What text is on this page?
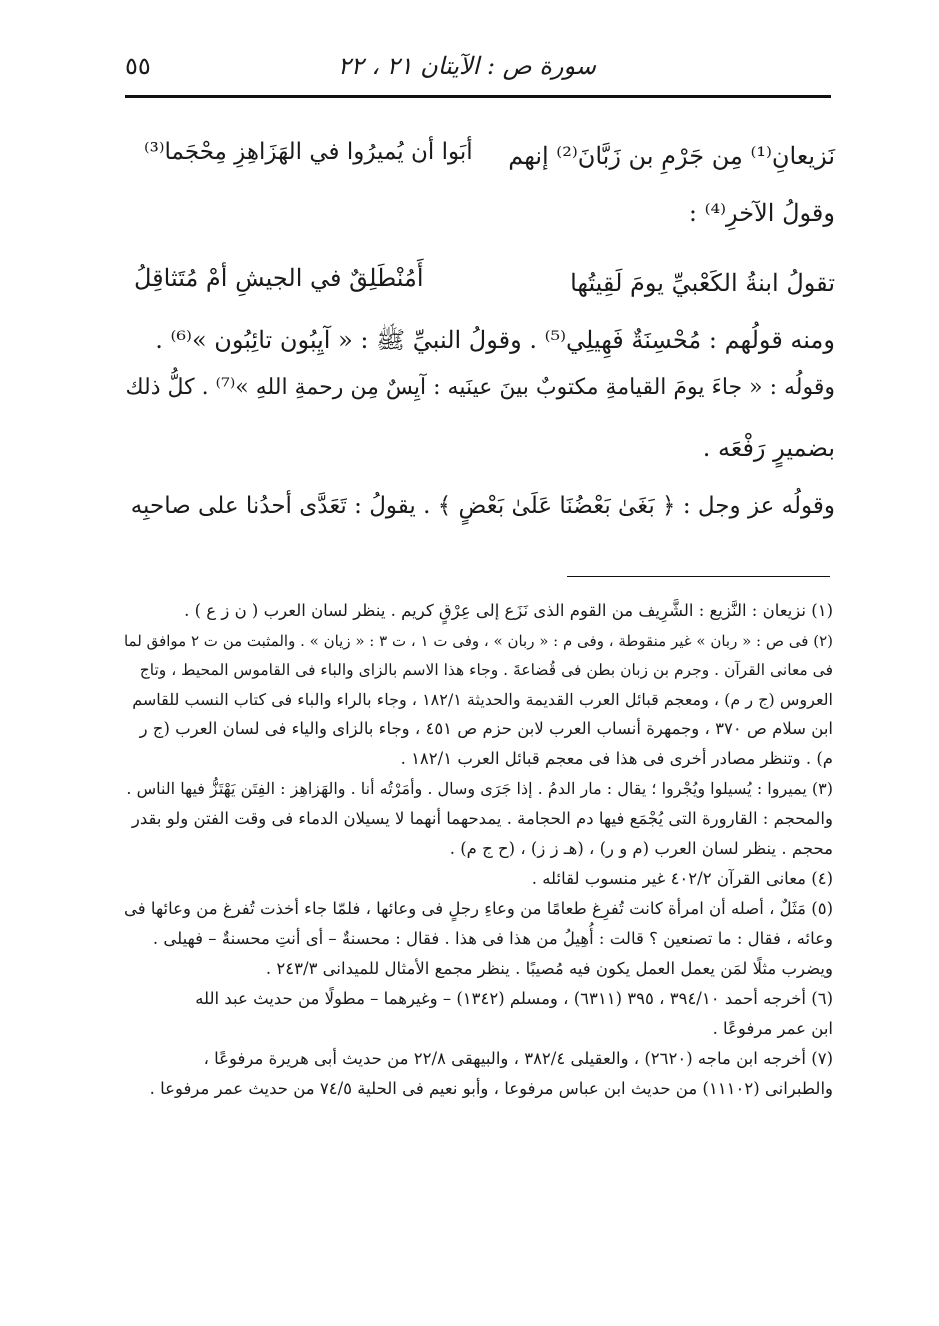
٥٥	سورة ص : الآيتان ٢١ ، ٢٢
نَزيعانِ⁽¹⁾ مِن جَرْمِ بن زَبَّانَ⁽²⁾ إنهم
أبَوا أن يُميرُوا في الهَزَاهِزِ مِحْجَما⁽³⁾
وقولُ الآخرِ⁽⁴⁾ :
تقولُ ابنةُ الكَعْبيِّ يومَ لَقِيتُها
أَمُنْطَلِقٌ في الجيشِ أمْ مُتَثاقِلُ
ومنه قولُهم : مُحْسِنَةٌ فَهِيلِي⁽⁵⁾ . وقولُ النبيِّ ﷺ : « آيِبُون تائِبُون »⁽⁶⁾ .
وقولُه : « جاءَ يومَ القيامةِ مكتوبٌ بينَ عينَيه : آيِسٌ مِن رحمةِ اللهِ »⁽⁷⁾ . كلُّ ذلك
بضميرٍ رَفْعَه .
وقولُه عز وجل : ﴿ بَغَىٰ بَعْضُنَا عَلَىٰ بَعْضٍ ﴾ . يقولُ : تَعَدَّى أحدُنا على صاحبِه
(١) نزيعان : النَّزيع : الشَّرِيف من القوم الذى نَزَع إلى عِرْقٍ كريم . ينظر لسان العرب ( ن ز ع ) .
(٢) فى ص : « ربان » غير منقوطة ، وفى م : « ربان » ، وفى ت ١ ، ت ٣ : « زيان » . والمثبت من ت ٢ موافق لما
فى معانى القرآن . وجرم بن زبان بطن فى قُضاعةَ . وجاء هذا الاسم بالزاى والباء فى القاموس المحيط ، وتاج
العروس (ج ر م) ، ومعجم قبائل العرب القديمة والحديثة ١٨٢/١ ، وجاء بالراء والباء فى كتاب النسب للقاسم
ابن سلام ص ٣٧٠ ، وجمهرة أنساب العرب لابن حزم ص ٤٥١ ، وجاء بالزاى والياء فى لسان العرب (ج ر
م) . وتنظر مصادر أخرى فى هذا فى معجم قبائل العرب ١٨٢/١ .
(٣) يميروا : يُسيلوا ويُجْروا ؛ يقال : مار الدمُ . إذا جَرَى وسال . وأمَرْتُه أنا . والهَزاهِز : الفِتَن يَهْتَزُّ فيها الناس .
والمحجم : القارورة التى يُجْمَع فيها دم الحجامة . يمدحهما أنهما لا يسيلان الدماء فى وقت الفتن ولو بقدر
محجم . ينظر لسان العرب (م و ر) ، (هـ ز ز) ، (ح ج م) .
(٤) معانى القرآن ٤٠٢/٢ غير منسوب لقائله .
(٥) مَثَلٌ ، أصله أن امرأة كانت تُفرِغ طعامًا من وعاءِ رجلٍ فى وعائها ، فلمّا جاء أخذت تُفرغ من وعائها فى
وعائه ، فقال : ما تصنعين ؟ قالت : أُهِيلُ من هذا فى هذا . فقال : محسنةٌ – أى أنتِ محسنةٌ – فهيلى .
ويضرب مثلًا لمَن يعمل العمل يكون فيه مُصيبًا . ينظر مجمع الأمثال للميدانى ٢٤٣/٣ .
(٦) أخرجه أحمد ٣٩٤/١٠ ، ٣٩٥ (٦٣١١) ، ومسلم (١٣٤٢) – وغيرهما – مطولًا من حديث عبد الله
ابن عمر مرفوعًا .
(٧) أخرجه ابن ماجه (٢٦٢٠) ، والعقيلى ٣٨٢/٤ ، والبيهقى ٢٢/٨ من حديث أبى هريرة مرفوعًا ،
والطبرانى (١١١٠٢) من حديث ابن عباس مرفوعا ، وأبو نعيم فى الحلية ٧٤/٥ من حديث عمر مرفوعا .
